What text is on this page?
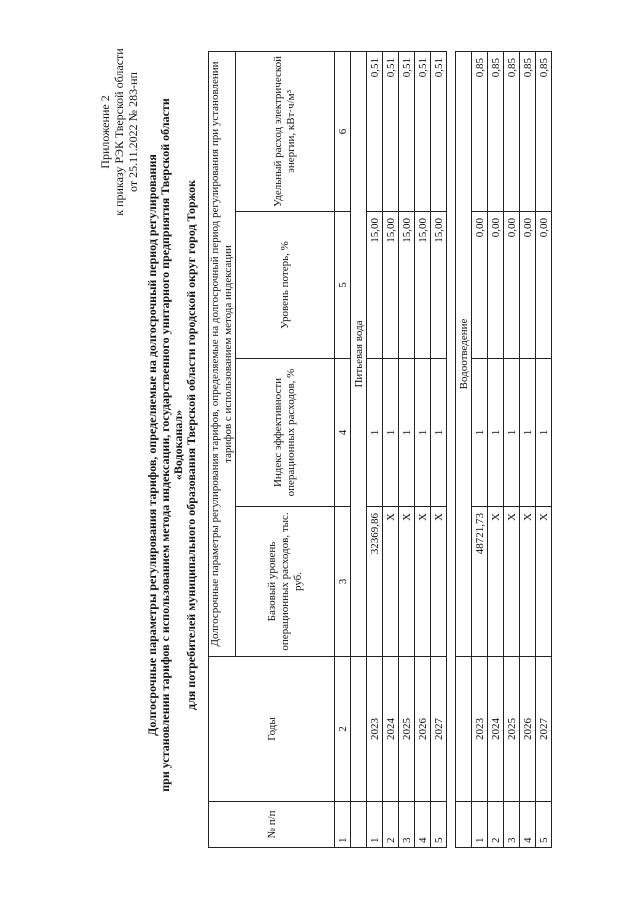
Приложение 2 к приказу РЭК Тверской области от 25.11.2022 № 283-нп
Долгосрочные параметры регулирования тарифов, определяемые на долгосрочный период регулирования при установлении тарифов с использованием метода индексации, государственного унитарного предприятия Тверской области «Водоканал» для потребителей муниципального образования Тверской области городской округ город Торжок
№ п/п	Годы	Долгосрочные параметры регулирования тарифов, определяемые на долгосрочный период регулирования при установлении тарифов с использованием метода индексации			
		Базовый уровень операционных расходов, тыс. руб.	Индекс эффективности операционных расходов, %	Уровень потерь, %	Удельный расход электрической энергии, кВт·ч/м³
1	2	3	4	5	6
		Питьевая вода			
1	2023	32369,86	1	15,00	0,51
2	2024	Х	1	15,00	0,51
3	2025	Х	1	15,00	0,51
4	2026	Х	1	15,00	0,51
5	2027	Х	1	15,00	0,51

		Водоотведение			
1	2023	48721,73	1	0,00	0,85
2	2024	Х	1	0,00	0,85
3	2025	Х	1	0,00	0,85
4	2026	Х	1	0,00	0,85
5	2027	Х	1	0,00	0,85
